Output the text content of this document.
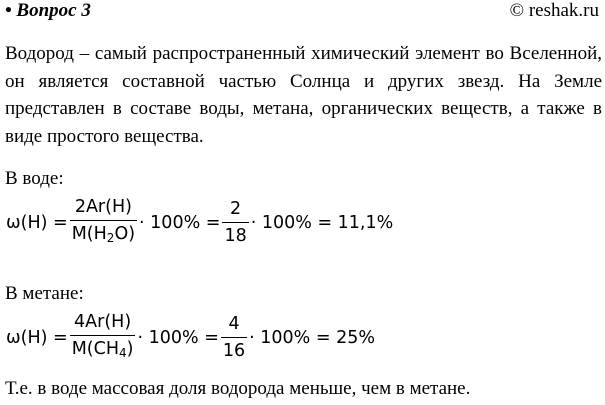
• Вопрос 3	© reshak.ru
Водород – самый распространенный химический элемент во Вселенной, он является составной частью Солнца и других звезд. На Земле представлен в составе воды, метана, органических веществ, а также в виде простого вещества.
В воде:
$\omega(H) = \frac{2Ar(H)}{M(H_2O)} \cdot 100\% = \frac{2}{18} \cdot 100\% = 11,1\%$
В метане:
$\omega(H) = \frac{4Ar(H)}{M(CH_4)} \cdot 100\% = \frac{4}{16} \cdot 100\% = 25\%$
Т.е. в воде массовая доля водорода меньше, чем в метане.
